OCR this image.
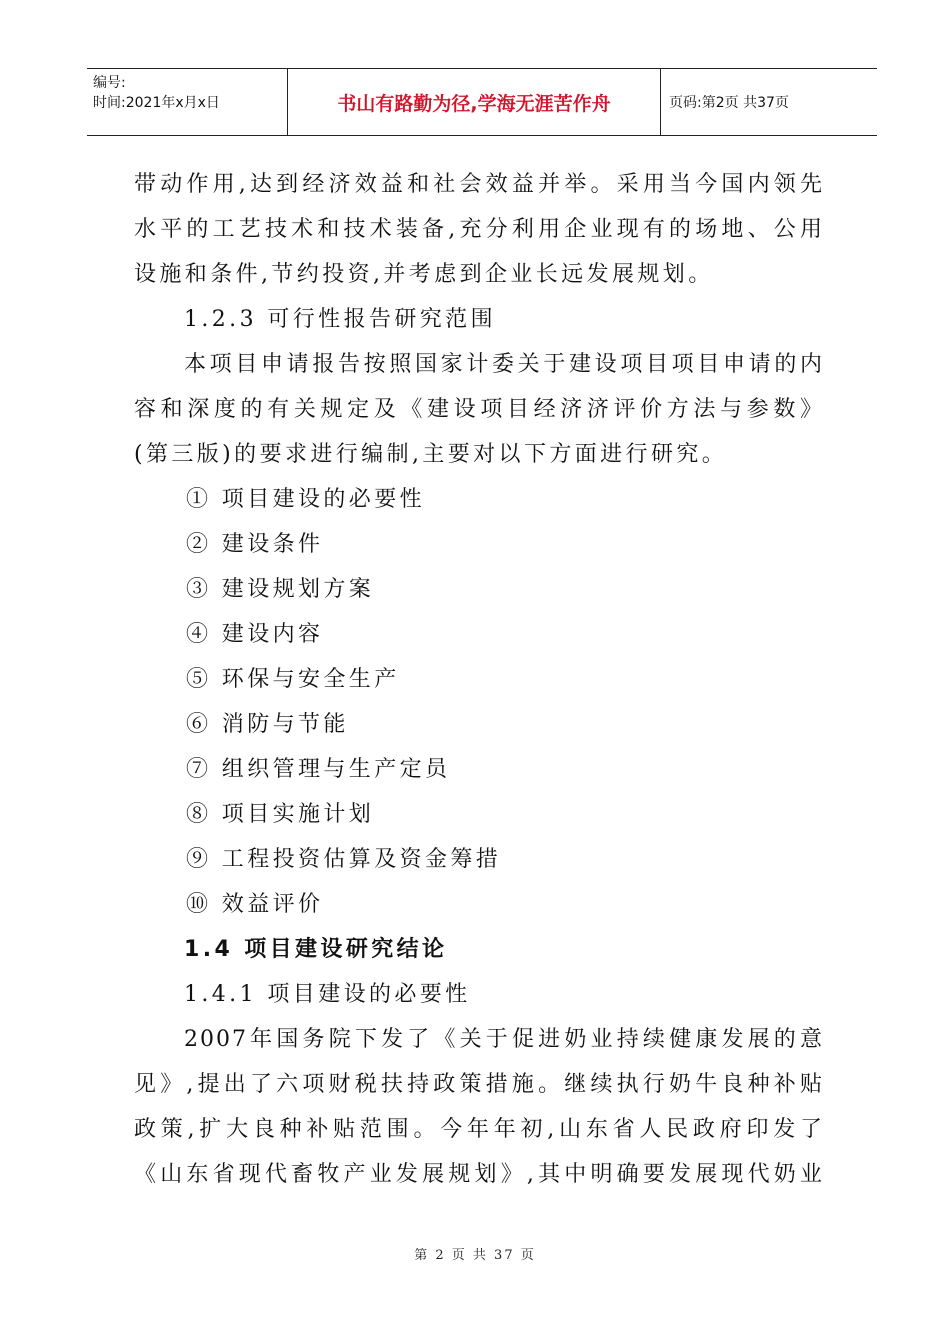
编号:
时间:2021年x月x日	书山有路勤为径,学海无涯苦作舟	页码:第2页 共37页
带动作用,达到经济效益和社会效益并举。采用当今国内领先
水平的工艺技术和技术装备,充分利用企业现有的场地、公用
设施和条件,节约投资,并考虑到企业长远发展规划。
1.2.3 可行性报告研究范围
本项目申请报告按照国家计委关于建设项目项目申请的内
容和深度的有关规定及《建设项目经济济评价方法与参数》
(第三版)的要求进行编制,主要对以下方面进行研究。
① 项目建设的必要性
② 建设条件
③ 建设规划方案
④ 建设内容
⑤ 环保与安全生产
⑥ 消防与节能
⑦ 组织管理与生产定员
⑧ 项目实施计划
⑨ 工程投资估算及资金筹措
⑩ 效益评价
1.4 项目建设研究结论
1.4.1 项目建设的必要性
2007年国务院下发了《关于促进奶业持续健康发展的意
见》,提出了六项财税扶持政策措施。继续执行奶牛良种补贴
政策,扩大良种补贴范围。今年年初,山东省人民政府印发了
《山东省现代畜牧产业发展规划》,其中明确要发展现代奶业
第 2 页 共 37 页
